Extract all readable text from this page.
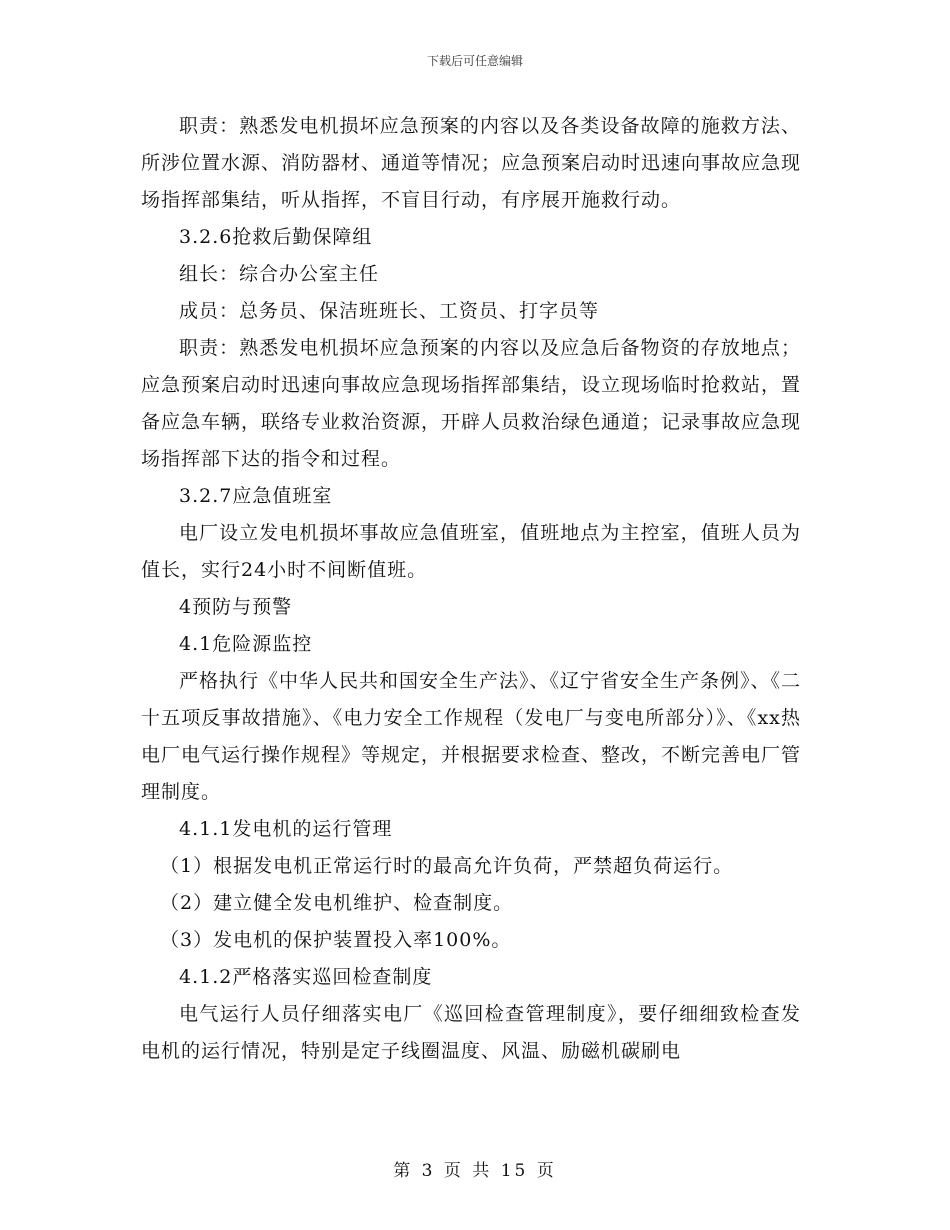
下载后可任意编辑

职责：熟悉发电机损坏应急预案的内容以及各类设备故障的施救方法、所涉位置水源、消防器材、通道等情况；应急预案启动时迅速向事故应急现场指挥部集结，听从指挥，不盲目行动，有序展开施救行动。

3.2.6抢救后勤保障组

组长：综合办公室主任

成员：总务员、保洁班班长、工资员、打字员等

职责：熟悉发电机损坏应急预案的内容以及应急后备物资的存放地点；应急预案启动时迅速向事故应急现场指挥部集结，设立现场临时抢救站，置备应急车辆，联络专业救治资源，开辟人员救治绿色通道；记录事故应急现场指挥部下达的指令和过程。

3.2.7应急值班室

电厂设立发电机损坏事故应急值班室，值班地点为主控室，值班人员为值长，实行24小时不间断值班。

4预防与预警

4.1危险源监控

严格执行《中华人民共和国安全生产法》、《辽宁省安全生产条例》、《二十五项反事故措施》、《电力安全工作规程（发电厂与变电所部分）》、《xx热电厂电气运行操作规程》等规定，并根据要求检查、整改，不断完善电厂管理制度。

4.1.1发电机的运行管理

（1）根据发电机正常运行时的最高允许负荷，严禁超负荷运行。

（2）建立健全发电机维护、检查制度。

（3）发电机的保护装置投入率100%。

4.1.2严格落实巡回检查制度

电气运行人员仔细落实电厂《巡回检查管理制度》，要仔细细致检查发电机的运行情况，特别是定子线圈温度、风温、励磁机碳刷电

第 3 页 共 15 页
